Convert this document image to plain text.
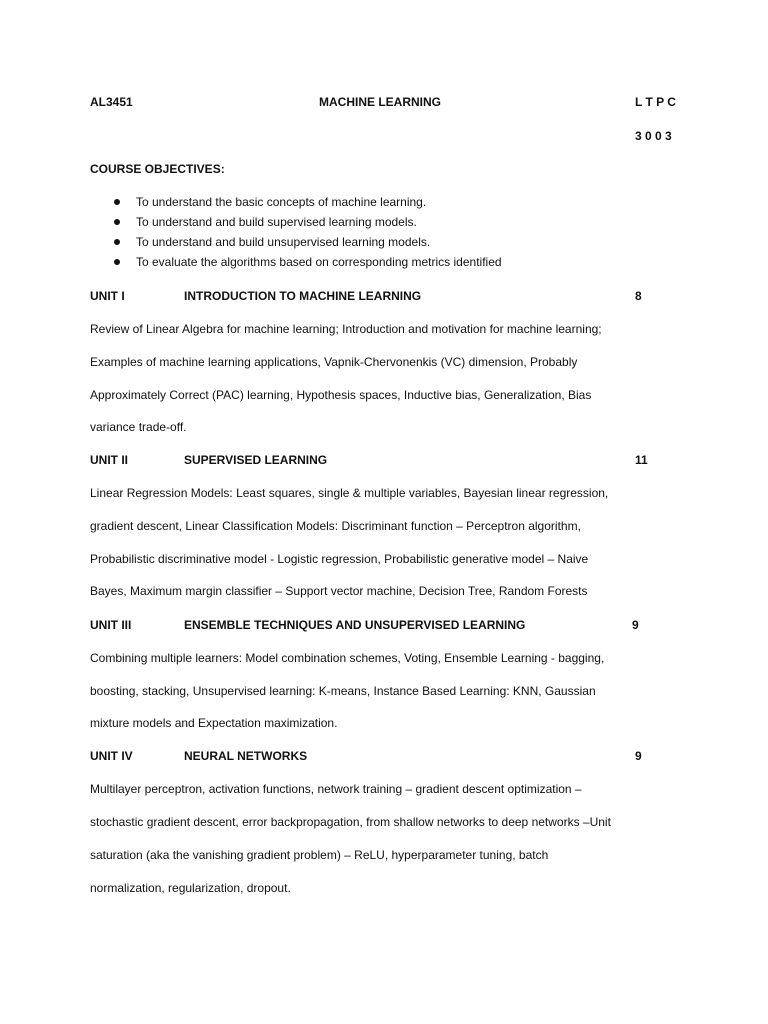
AL3451	MACHINE LEARNING	L T P C
3 0 0 3
COURSE OBJECTIVES:
To understand the basic concepts of machine learning.
To understand and build supervised learning models.
To understand and build unsupervised learning models.
To evaluate the algorithms based on corresponding metrics identified
UNIT I	INTRODUCTION TO MACHINE LEARNING	8
Review of Linear Algebra for machine learning; Introduction and motivation for machine learning;
Examples of machine learning applications, Vapnik-Chervonenkis (VC) dimension, Probably
Approximately Correct (PAC) learning, Hypothesis spaces, Inductive bias, Generalization, Bias
variance trade-off.
UNIT II	SUPERVISED LEARNING	11
Linear Regression Models: Least squares, single & multiple variables, Bayesian linear regression,
gradient descent, Linear Classification Models: Discriminant function – Perceptron algorithm,
Probabilistic discriminative model - Logistic regression, Probabilistic generative model – Naive
Bayes, Maximum margin classifier – Support vector machine, Decision Tree, Random Forests
UNIT III	ENSEMBLE TECHNIQUES AND UNSUPERVISED LEARNING	9
Combining multiple learners: Model combination schemes, Voting, Ensemble Learning - bagging,
boosting, stacking, Unsupervised learning: K-means, Instance Based Learning: KNN, Gaussian
mixture models and Expectation maximization.
UNIT IV	NEURAL NETWORKS	9
Multilayer perceptron, activation functions, network training – gradient descent optimization –
stochastic gradient descent, error backpropagation, from shallow networks to deep networks –Unit
saturation (aka the vanishing gradient problem) – ReLU, hyperparameter tuning, batch
normalization, regularization, dropout.
